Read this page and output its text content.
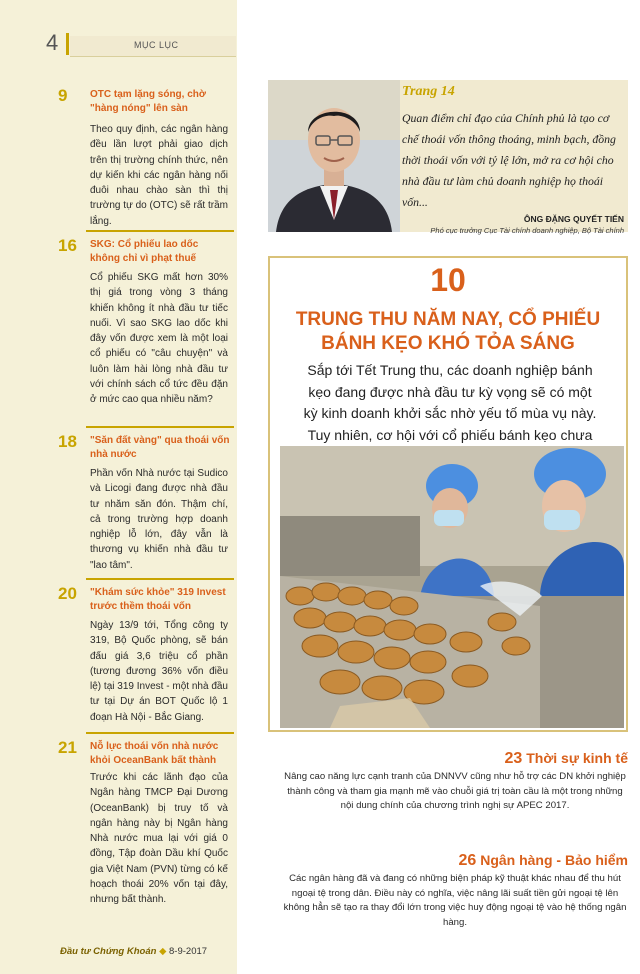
4	MỤC LỤC
9 OTC tạm lặng sóng, chờ "hàng nóng" lên sàn
Theo quy định, các ngân hàng đều lần lượt phải giao dịch trên thị trường chính thức, nên dự kiến khi các ngân hàng nối đuôi nhau chào sàn thì thị trường tự do (OTC) sẽ rất trầm lắng.
16 SKG: Cổ phiếu lao dốc không chỉ vì phạt thuế
Cổ phiếu SKG mất hơn 30% thị giá trong vòng 3 tháng khiến không ít nhà đầu tư tiếc nuối. Vì sao SKG lao dốc khi đây vốn được xem là một loại cổ phiếu có "câu chuyện" và luôn làm hài lòng nhà đầu tư với chính sách cổ tức đều đặn ở mức cao qua nhiều năm?
18 "Săn đất vàng" qua thoái vốn nhà nước
Phần vốn Nhà nước tại Sudico và Licogi đang được nhà đầu tư nhăm săn đón. Thậm chí, cả trong trường hợp doanh nghiệp lỗ lớn, đây vẫn là thương vụ khiến nhà đầu tư "lao tâm".
20 "Khám sức khỏe" 319 Invest trước thềm thoái vốn
Ngày 13/9 tới, Tổng công ty 319, Bộ Quốc phòng, sẽ bán đấu giá 3,6 triệu cổ phần (tương đương 36% vốn điều lệ) tại 319 Invest - một nhà đầu tư tại Dự án BOT Quốc lộ 1 đoạn Hà Nội - Bắc Giang.
21 Nỗ lực thoái vốn nhà nước khỏi OceanBank bất thành
Trước khi các lãnh đạo của Ngân hàng TMCP Đại Dương (OceanBank) bị truy tố và ngân hàng này bị Ngân hàng Nhà nước mua lại với giá 0 đồng, Tập đoàn Dầu khí Quốc gia Việt Nam (PVN) từng có kế hoạch thoái 20% vốn tại đây, nhưng bất thành.
Đầu tư Chứng Khoán ◆ 8-9-2017
Trang 14
Quan điểm chỉ đạo của Chính phủ là tạo cơ chế thoái vốn thông thoáng, minh bạch, đồng thời thoái vốn với tỷ lệ lớn, mở ra cơ hội cho nhà đầu tư làm chủ doanh nghiệp họ thoái vốn...
ÔNG ĐẶNG QUYẾT TIẾN
Phó cục trưởng Cục Tài chính doanh nghiệp, Bộ Tài chính
10
TRUNG THU NĂM NAY, CỔ PHIẾU
BÁNH KẸO KHÓ TỎA SÁNG
Sắp tới Tết Trung thu, các doanh nghiệp bánh kẹo đang được nhà đầu tư kỳ vọng sẽ có một kỳ kinh doanh khởi sắc nhờ yếu tố mùa vụ này. Tuy nhiên, cơ hội với cổ phiếu bánh kẹo chưa
23 Thời sự kinh tế
Nâng cao năng lực cạnh tranh của DNNVV cũng như hỗ trợ các DN khởi nghiệp thành công và tham gia mạnh mẽ vào chuỗi giá trị toàn cầu là một trong những nội dung chính của chương trình nghị sự APEC 2017.
26 Ngân hàng - Bảo hiểm
Các ngân hàng đã và đang có những biện pháp kỹ thuật khác nhau để thu hút ngoại tệ trong dân. Điều này có nghĩa, việc nâng lãi suất tiền gửi ngoại tệ lên không hẳn sẽ tạo ra thay đổi lớn trong việc huy động ngoại tệ vào hệ thống ngân hàng.
